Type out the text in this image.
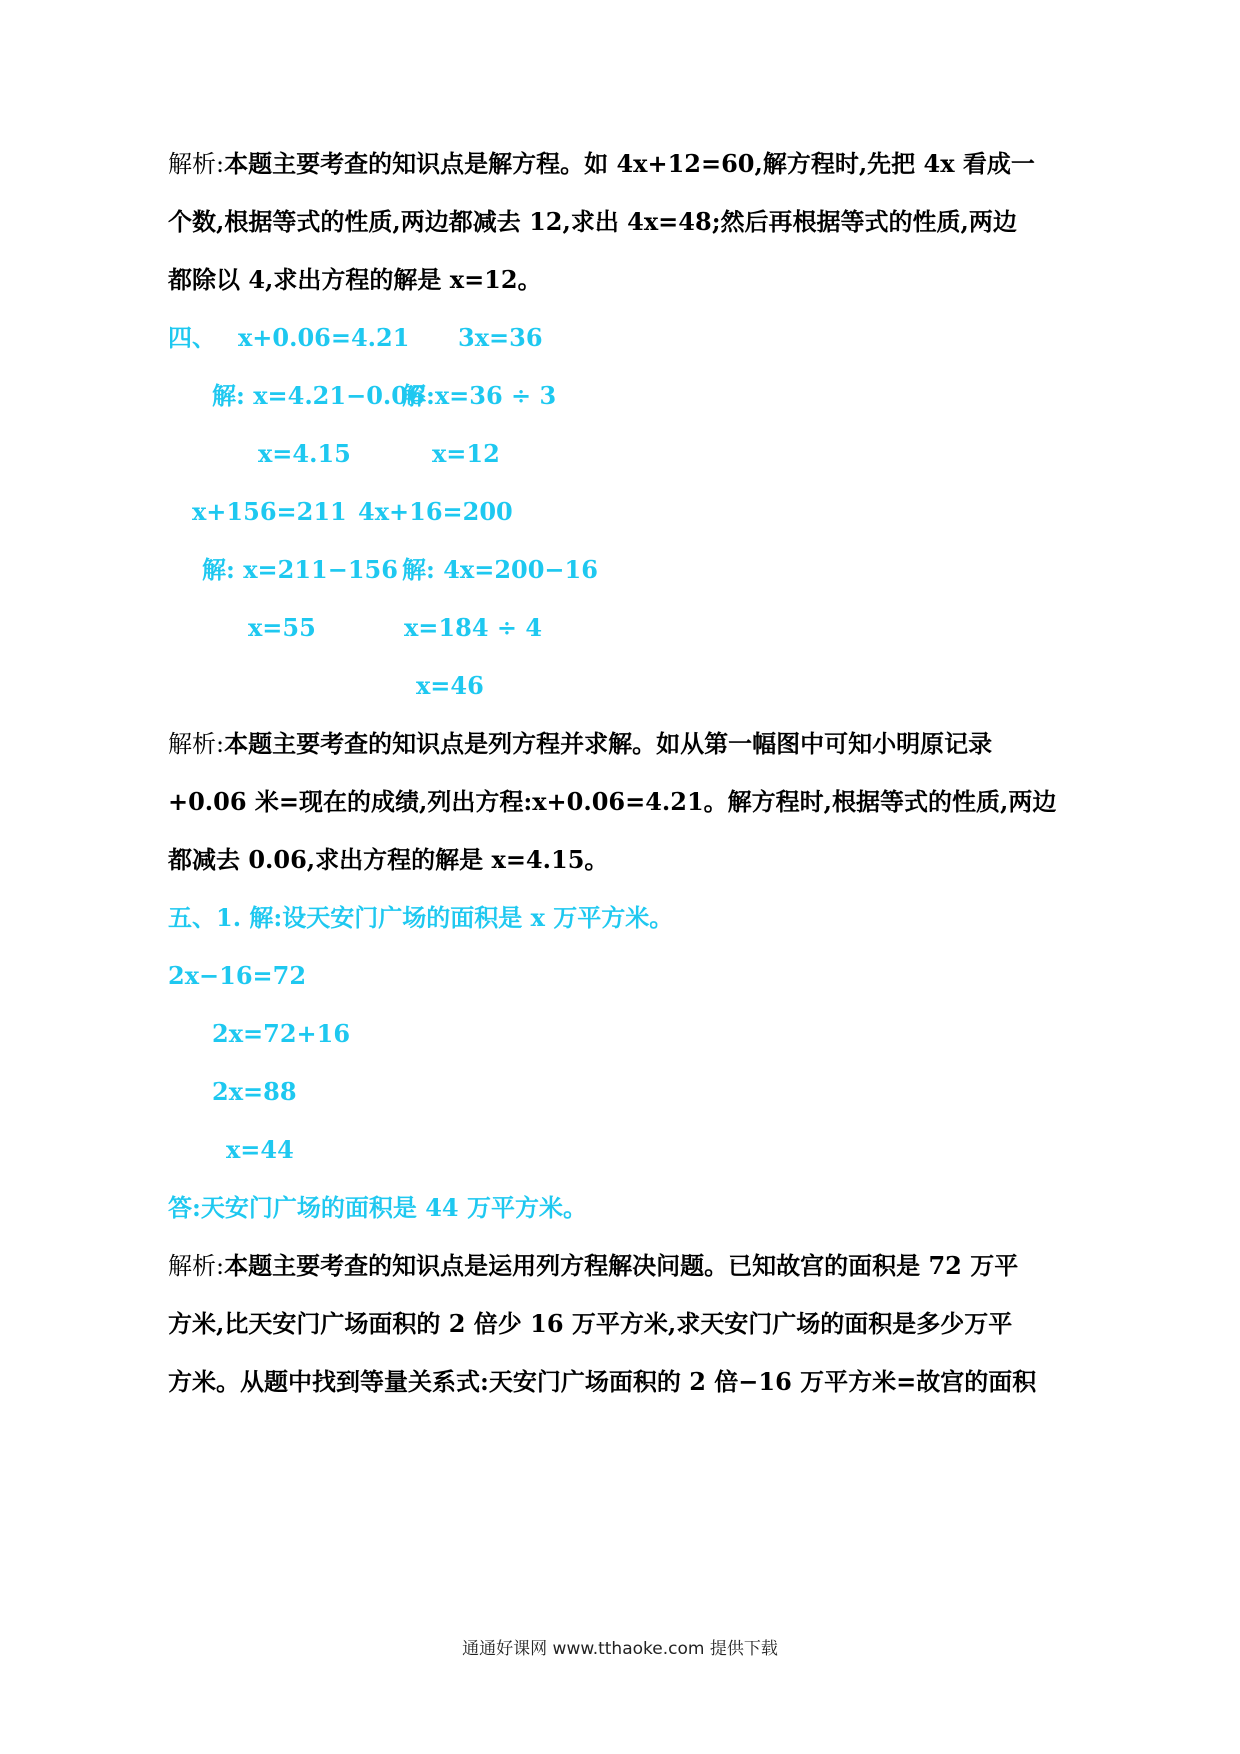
解析:本题主要考查的知识点是解方程。如 4x+12=60,解方程时,先把 4x 看成一
个数,根据等式的性质,两边都减去 12,求出 4x=48;然后再根据等式的性质,两边
都除以 4,求出方程的解是 x=12。
四、 x+0.06=4.21 3x=36
解: x=4.21−0.06
解:x=36 ÷ 3
x=4.15	x=12
x+156=211 4x+16=200
解: x=211−156 解: 4x=200−16
x=55	x=184 ÷ 4
x=46
解析:本题主要考查的知识点是列方程并求解。如从第一幅图中可知小明原记录
+0.06 米=现在的成绩,列出方程:x+0.06=4.21。解方程时,根据等式的性质,两边
都减去 0.06,求出方程的解是 x=4.15。
五、1. 解:设天安门广场的面积是 x 万平方米。
2x−16=72
2x=72+16
2x=88
x=44
答:天安门广场的面积是 44 万平方米。
解析:本题主要考查的知识点是运用列方程解决问题。已知故宫的面积是 72 万平
方米,比天安门广场面积的 2 倍少 16 万平方米,求天安门广场的面积是多少万平
方米。从题中找到等量关系式:天安门广场面积的 2 倍−16 万平方米=故宫的面积
通通好课网 www.tthaoke.com 提供下载
